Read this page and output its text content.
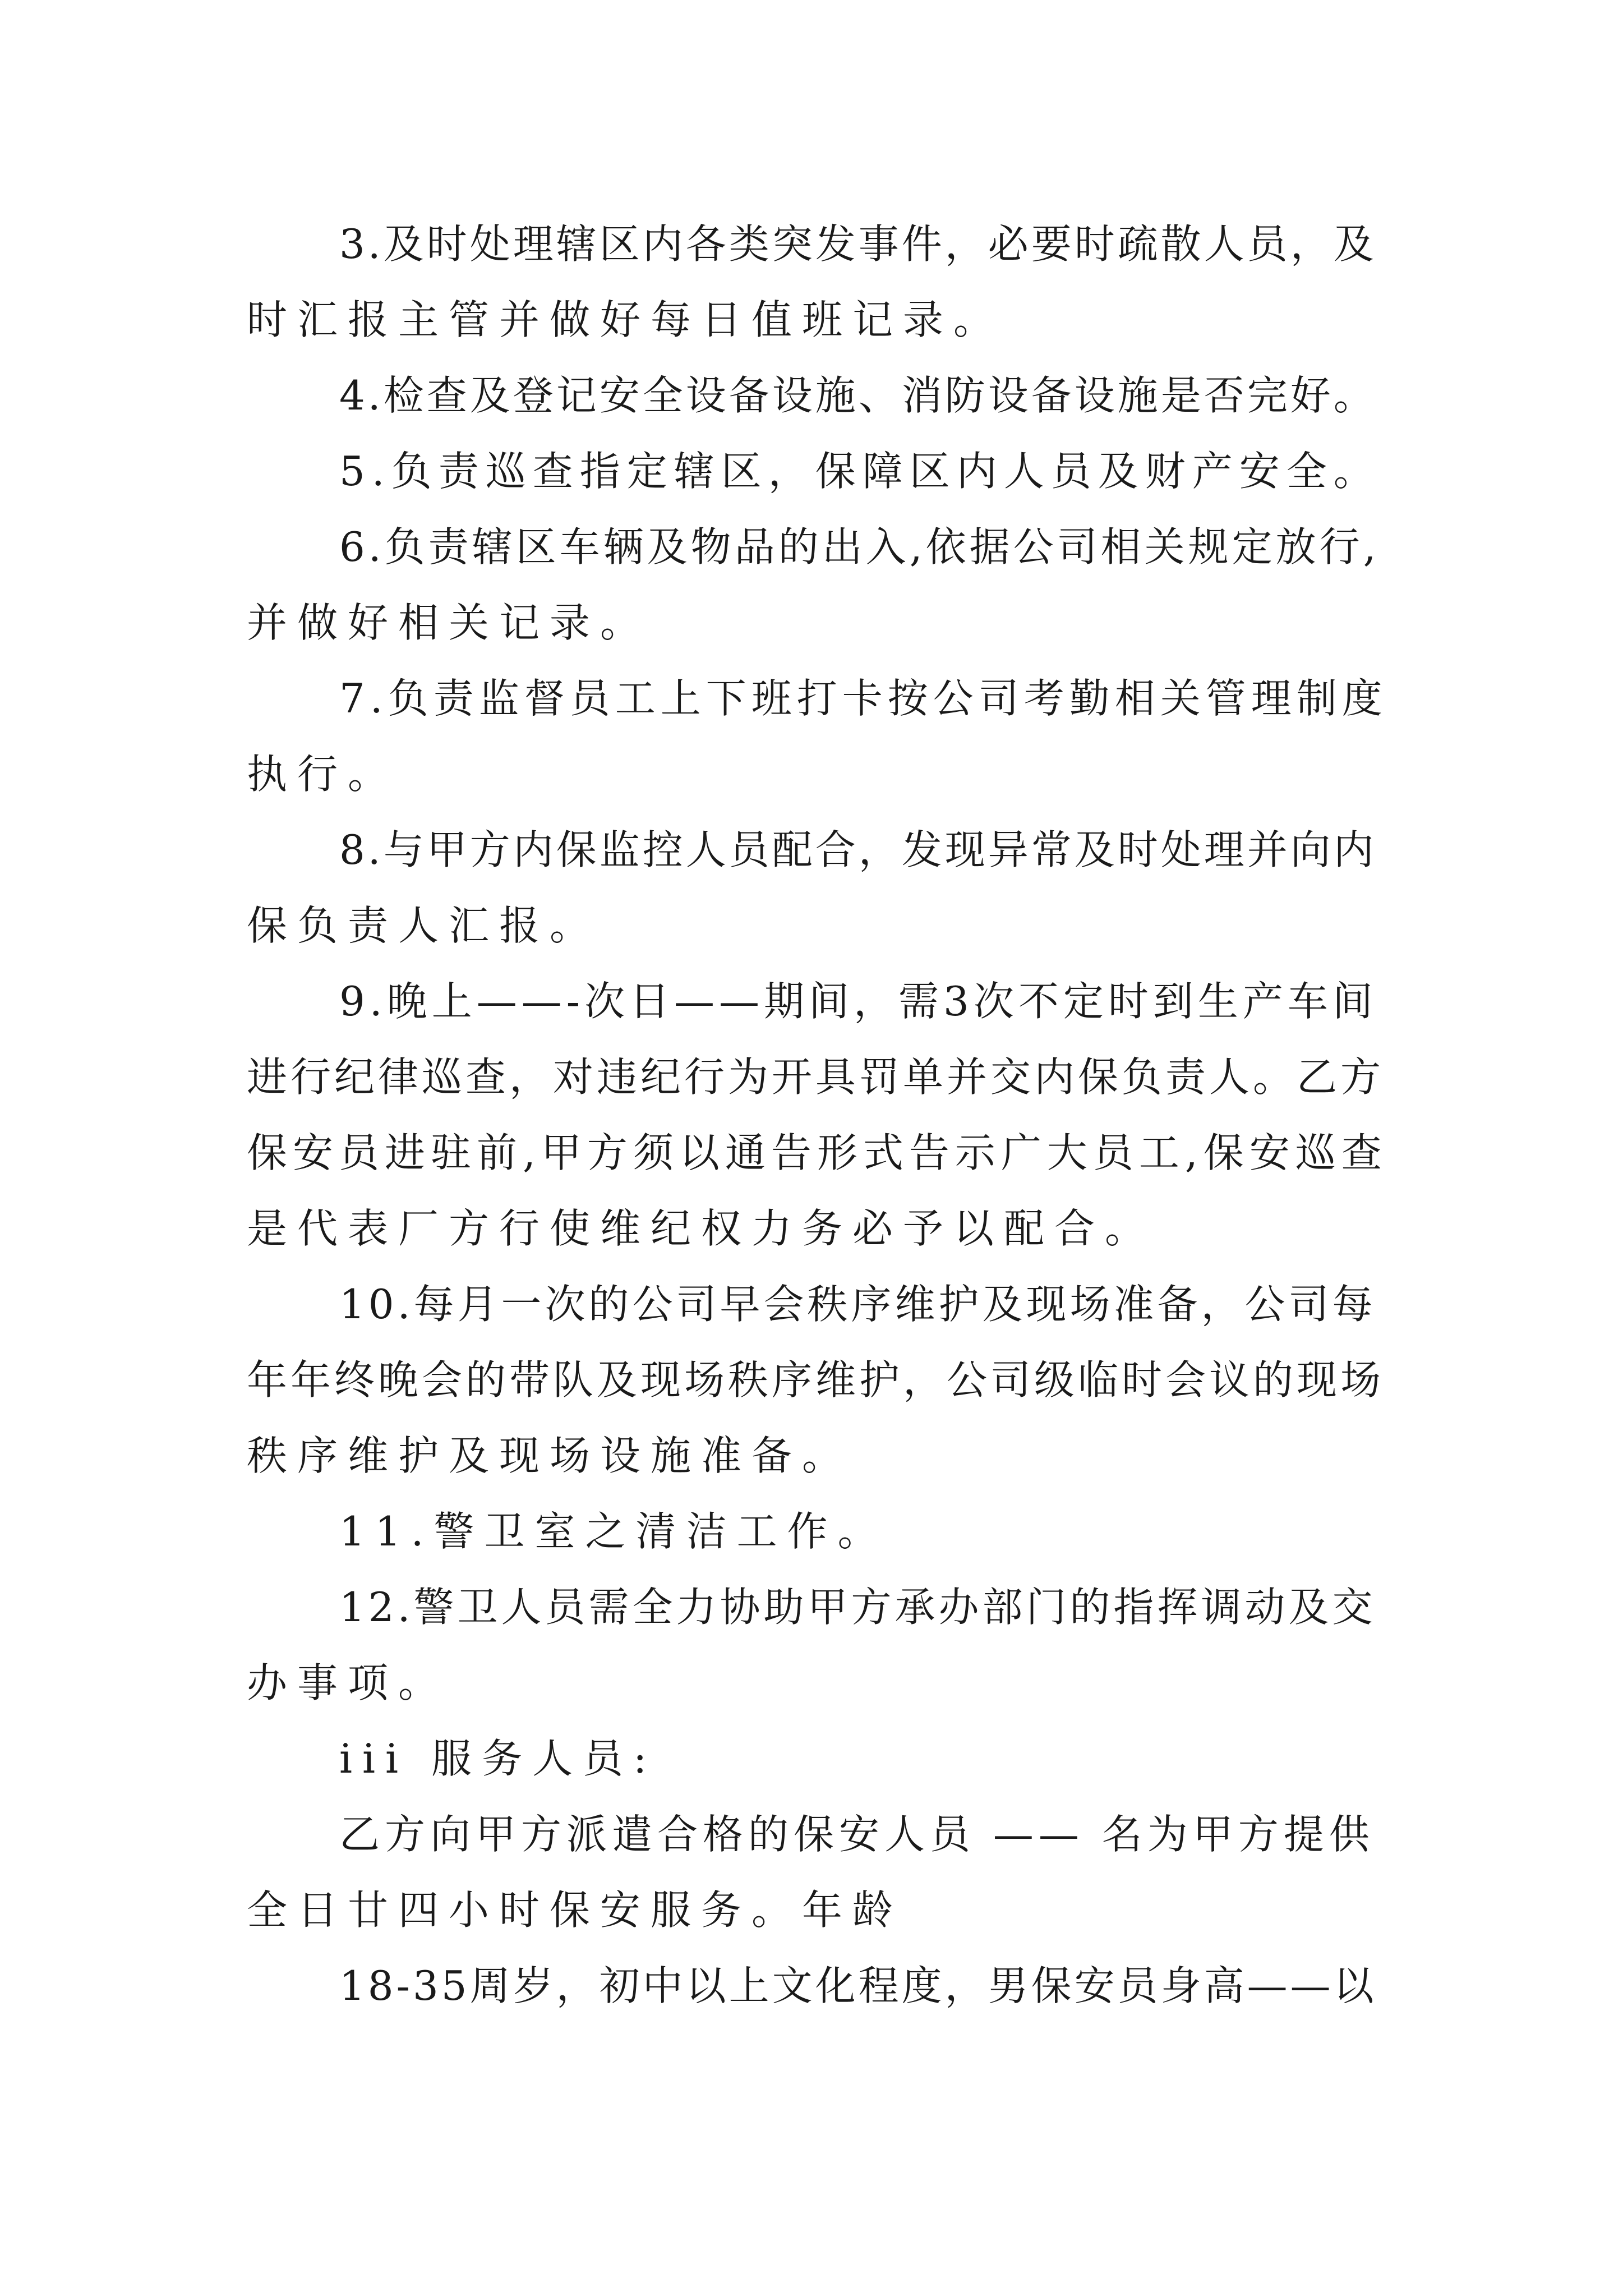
3.及时处理辖区内各类突发事件，必要时疏散人员，及
时汇报主管并做好每日值班记录。
4.检查及登记安全设备设施、消防设备设施是否完好。
5.负责巡查指定辖区，保障区内人员及财产安全。
6.负责辖区车辆及物品的出入,依据公司相关规定放行,
并做好相关记录。
7.负责监督员工上下班打卡按公司考勤相关管理制度
执行。
8.与甲方内保监控人员配合，发现异常及时处理并向内
保负责人汇报。
9.晚上——-次日——期间，需3次不定时到生产车间
进行纪律巡查，对违纪行为开具罚单并交内保负责人。乙方
保安员进驻前,甲方须以通告形式告示广大员工,保安巡查
是代表厂方行使维纪权力务必予以配合。
10.每月一次的公司早会秩序维护及现场准备，公司每
年年终晚会的带队及现场秩序维护，公司级临时会议的现场
秩序维护及现场设施准备。
11.警卫室之清洁工作。
12.警卫人员需全力协助甲方承办部门的指挥调动及交
办事项。
iii 服务人员:
乙方向甲方派遣合格的保安人员 —— 名为甲方提供
全日廿四小时保安服务。年龄
18-35周岁，初中以上文化程度，男保安员身高——以
